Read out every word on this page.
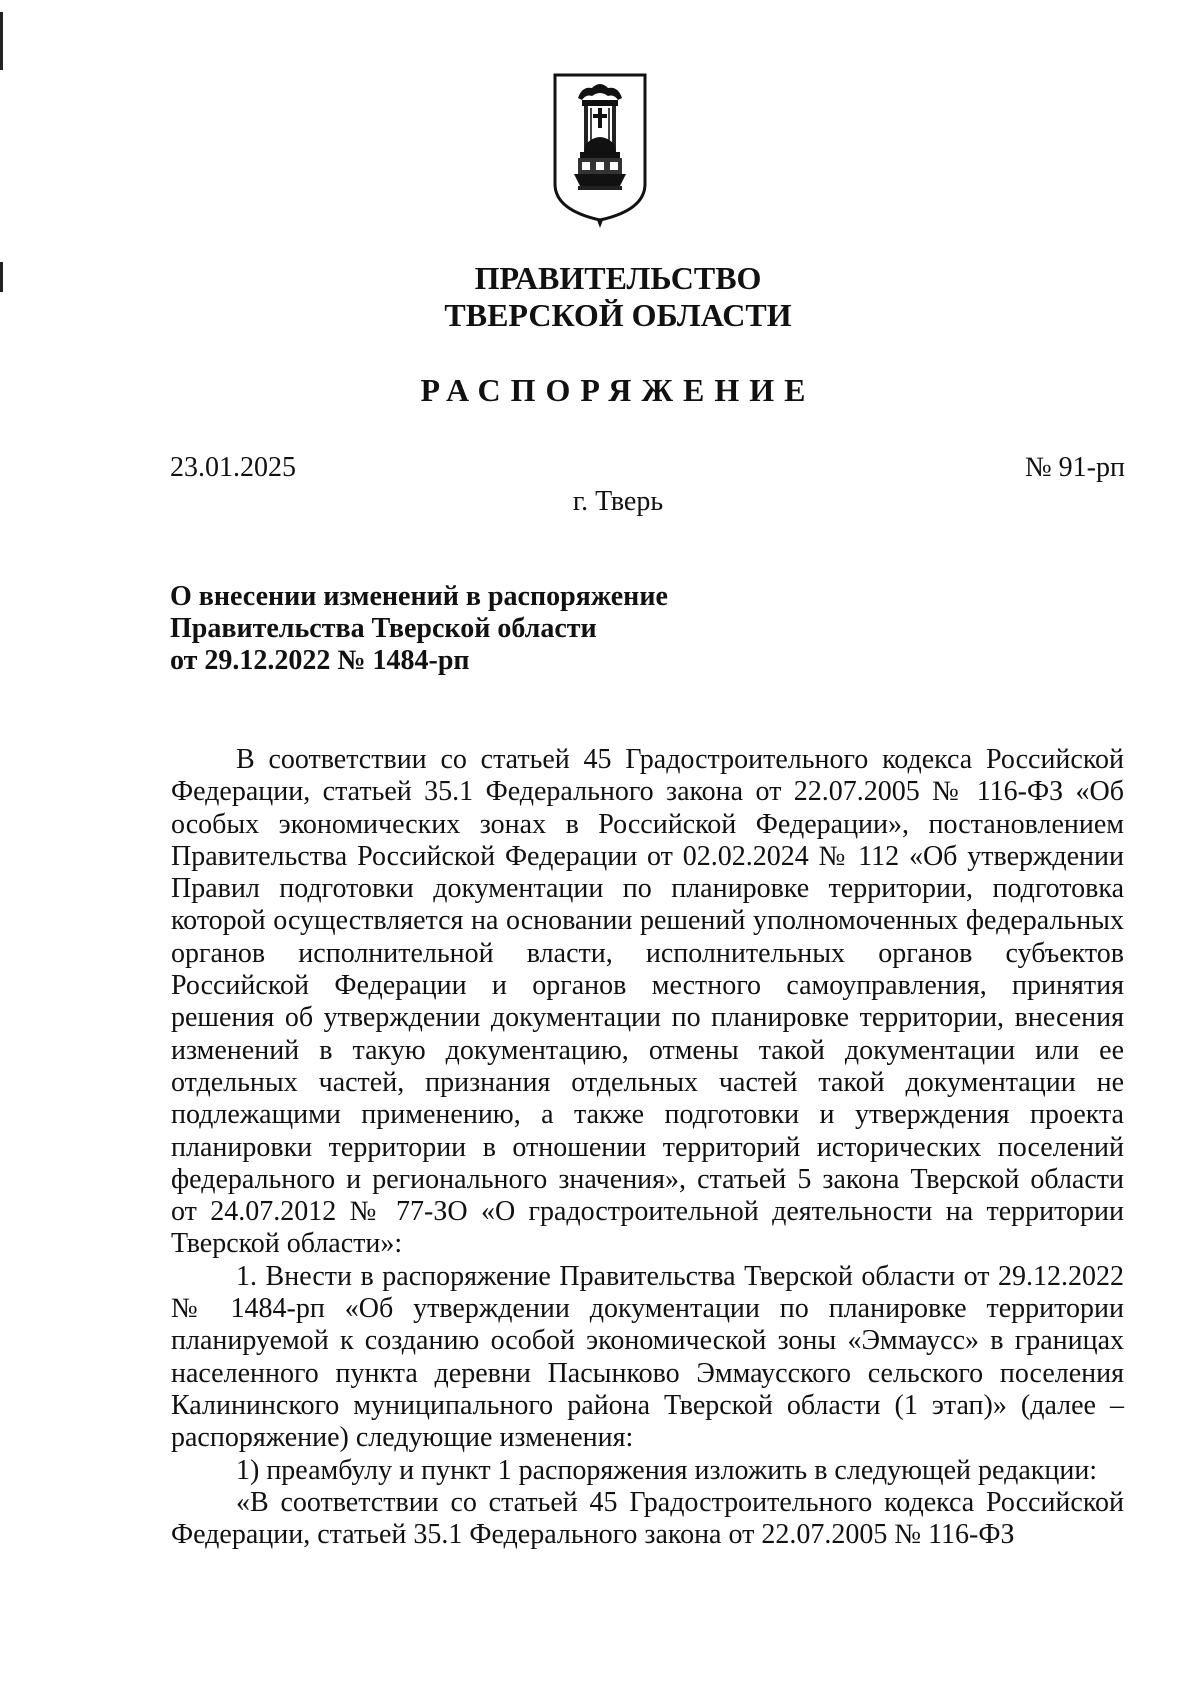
ПРАВИТЕЛЬСТВО
ТВЕРСКОЙ ОБЛАСТИ
РАСПОРЯЖЕНИЕ
23.01.2025	№ 91-рп
г. Тверь
О внесении изменений в распоряжение
Правительства Тверской области
от 29.12.2022 № 1484-рп

В соответствии со статьей 45 Градостроительного кодекса Российской Федерации, статьей 35.1 Федерального закона от 22.07.2005 № 116-ФЗ «Об особых экономических зонах в Российской Федерации», постановлением Правительства Российской Федерации от 02.02.2024 № 112 «Об утверждении Правил подготовки документации по планировке территории, подготовка которой осуществляется на основании решений уполномоченных федеральных органов исполнительной власти, исполнительных органов субъектов Российской Федерации и органов местного самоуправления, принятия решения об утверждении документации по планировке территории, внесения изменений в такую документацию, отмены такой документации или ее отдельных частей, признания отдельных частей такой документации не подлежащими применению, а также подготовки и утверждения проекта планировки территории в отношении территорий исторических поселений федерального и регионального значения», статьей 5 закона Тверской области от 24.07.2012 № 77-ЗО «О градостроительной деятельности на территории Тверской области»:

1. Внести в распоряжение Правительства Тверской области от 29.12.2022 № 1484-рп «Об утверждении документации по планировке территории планируемой к созданию особой экономической зоны «Эммаусс» в границах населенного пункта деревни Пасынково Эммаусского сельского поселения Калининского муниципального района Тверской области (1 этап)» (далее – распоряжение) следующие изменения:

1) преамбулу и пункт 1 распоряжения изложить в следующей редакции:

«В соответствии со статьей 45 Градостроительного кодекса Российской Федерации, статьей 35.1 Федерального закона от 22.07.2005 № 116-ФЗ
